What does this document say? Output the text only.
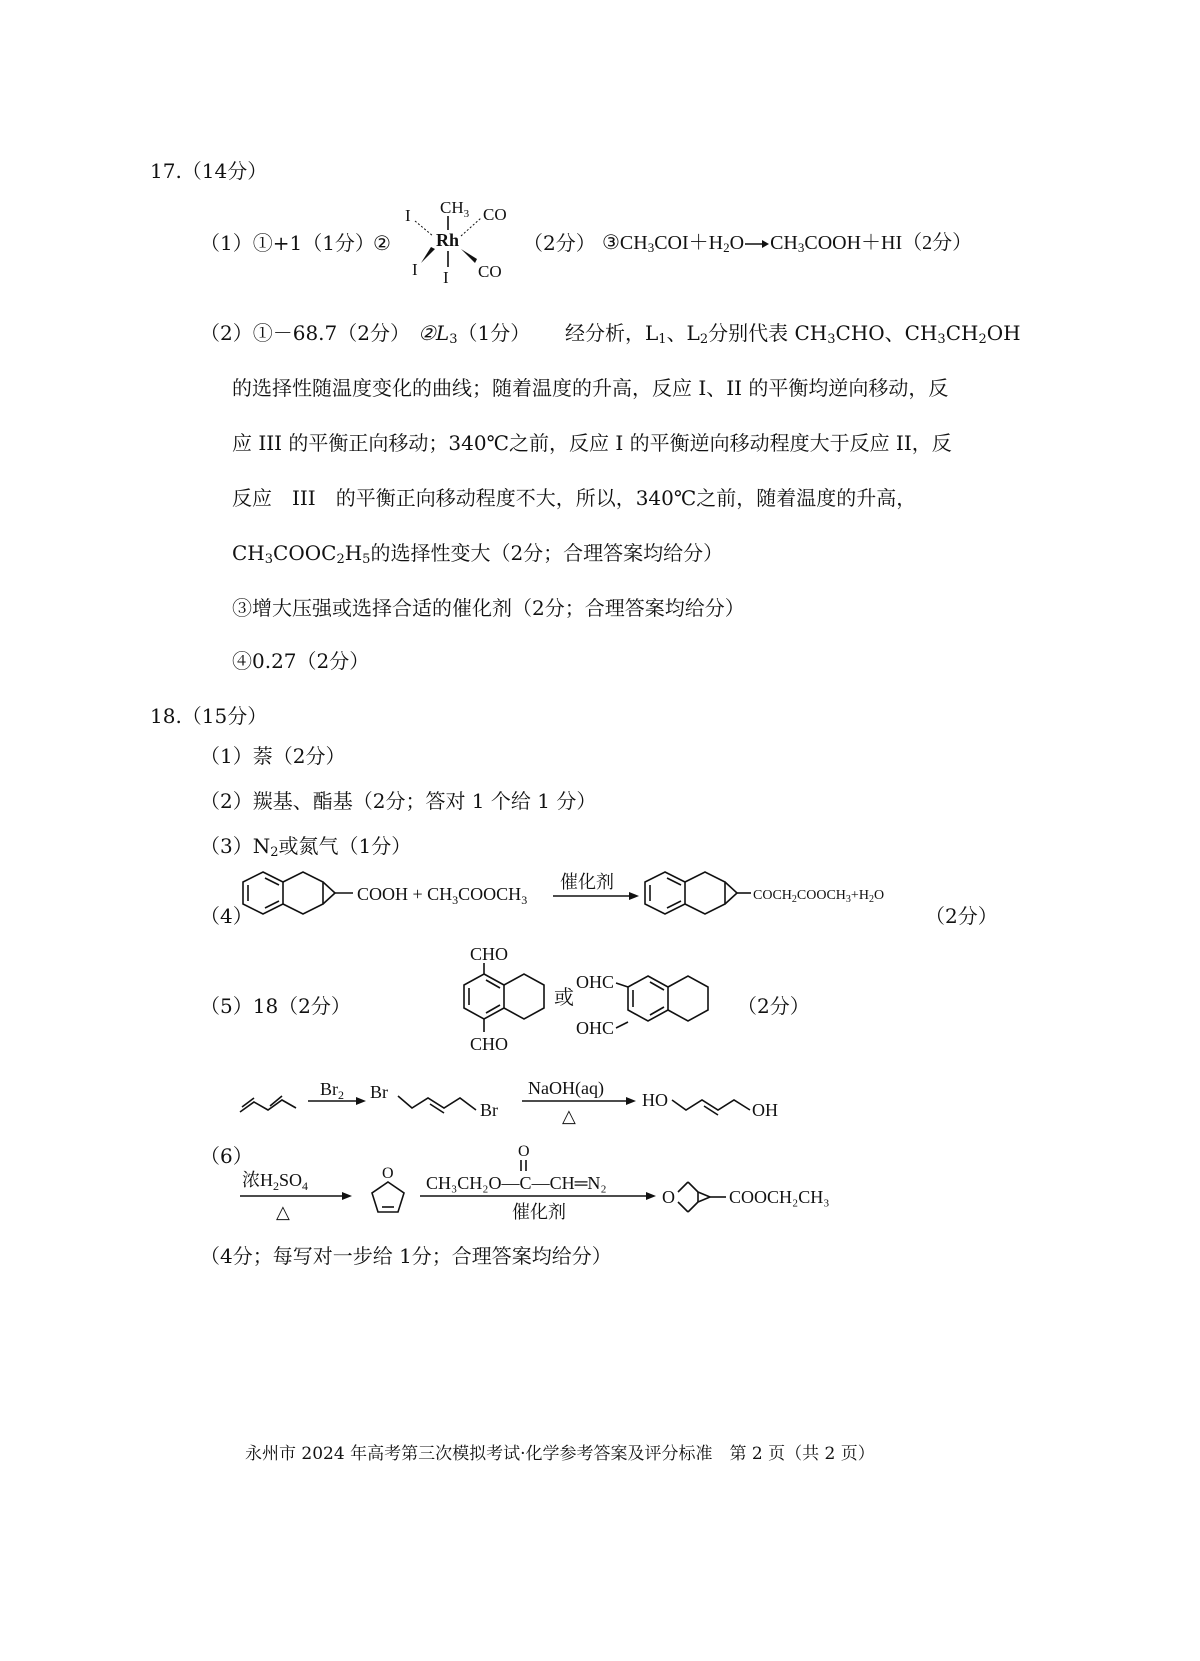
17.（14分）
（1）①+1（1分）
②
$CH_3$
Rh
I
I
I
CO
CO
（2分） $③CH_3COI+H_2O\to CH_3COOH+HI(2$分）
（2）①－68.7（2分） $②L_3(1$分） 经分析，$L_1$、$L_2$分别代表 $CH_3CHO$、$CH_3CH_2OH$
的选择性随温度变化的曲线；随着温度的升高，反应 I、II 的平衡均逆向移动，反
应 III 的平衡正向移动；340℃之前，反应 I 的平衡逆向移动程度大于反应 II，反
反应　III　的平衡正向移动程度不大，所以，340℃之前，随着温度的升高，
$CH_3COOC_2H_5$的选择性变大（2分；合理答案均给分）
③增大压强或选择合适的催化剂（2分；合理答案均给分）
④0.27（2分）
18.（15分）
（1）萘（2分）
（2）羰基、酯基（2分；答对 1 个给 1 分）
$(3)N_2$或氮气（1分）
（4）
COOH + $CH_3COOCH_3$
催化剂
$COCH_2COOCH_3+H_2O$
（2分）
（5）18（2分）
CHO
CHO
或
OHC
OHC
（2分）
（6）
$Br_2$ Br
Br
NaOH(aq)
△
HO	OH
浓$H_2SO_4$
△
O
O
CH₃CH₂O—C—CH═N₂
催化剂
O	COOCH₂CH₃
（4分；每写对一步给 1分；合理答案均给分）
永州市 2024 年高考第三次模拟考试·化学参考答案及评分标准　第 2 页（共 2 页）
